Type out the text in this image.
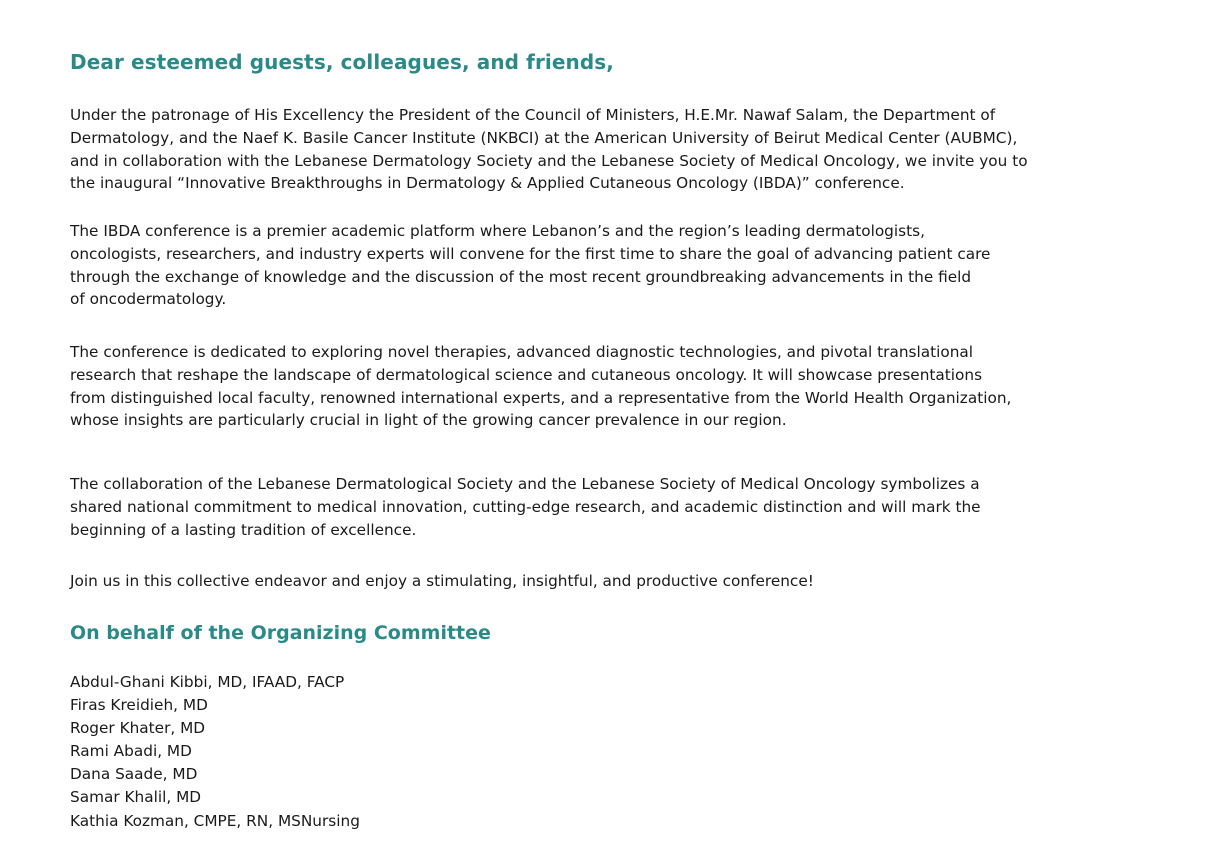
Dear esteemed guests, colleagues, and friends,

Under the patronage of His Excellency the President of the Council of Ministers, H.E.Mr. Nawaf Salam, the Department of
Dermatology, and the Naef K. Basile Cancer Institute (NKBCI) at the American University of Beirut Medical Center (AUBMC),
and in collaboration with the Lebanese Dermatology Society and the Lebanese Society of Medical Oncology, we invite you to
the inaugural “Innovative Breakthroughs in Dermatology & Applied Cutaneous Oncology (IBDA)” conference.

The IBDA conference is a premier academic platform where Lebanon’s and the region’s leading dermatologists,
oncologists, researchers, and industry experts will convene for the first time to share the goal of advancing patient care
through the exchange of knowledge and the discussion of the most recent groundbreaking advancements in the field
of oncodermatology.

The conference is dedicated to exploring novel therapies, advanced diagnostic technologies, and pivotal translational
research that reshape the landscape of dermatological science and cutaneous oncology. It will showcase presentations
from distinguished local faculty, renowned international experts, and a representative from the World Health Organization,
whose insights are particularly crucial in light of the growing cancer prevalence in our region.

The collaboration of the Lebanese Dermatological Society and the Lebanese Society of Medical Oncology symbolizes a
shared national commitment to medical innovation, cutting-edge research, and academic distinction and will mark the
beginning of a lasting tradition of excellence.

Join us in this collective endeavor and enjoy a stimulating, insightful, and productive conference!

On behalf of the Organizing Committee
Abdul-Ghani Kibbi, MD, IFAAD, FACP
Firas Kreidieh, MD
Roger Khater, MD
Rami Abadi, MD
Dana Saade, MD
Samar Khalil, MD
Kathia Kozman, CMPE, RN, MSNursing
